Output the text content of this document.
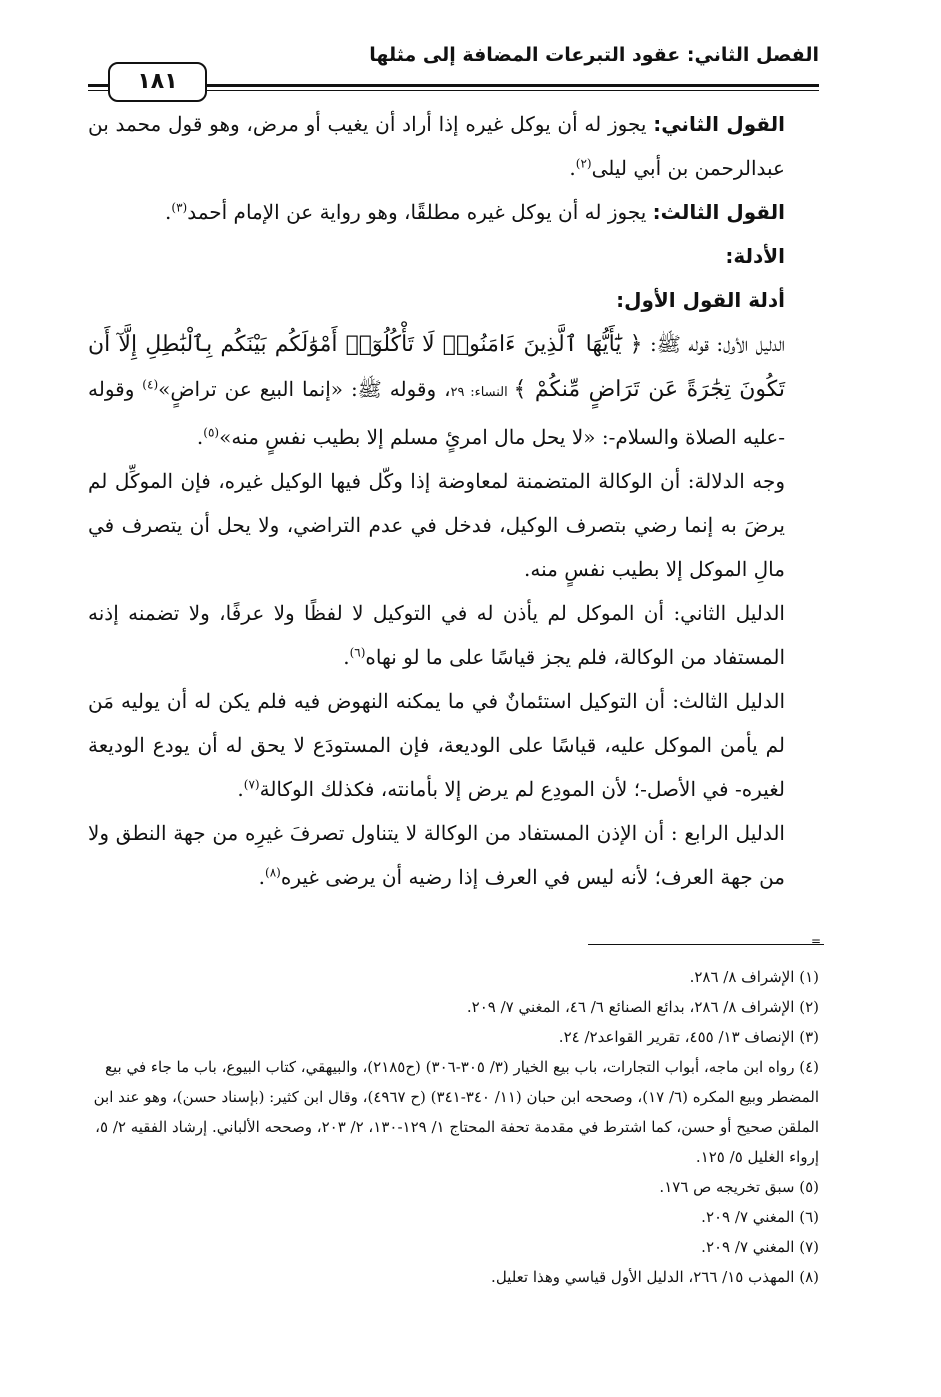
الفصل الثاني: عقود التبرعات المضافة إلى مثلها
١٨١

القول الثاني: يجوز له أن يوكل غيره إذا أراد أن يغيب أو مرض، وهو قول محمد بن عبدالرحمن بن أبي ليلى$^{(٢)}$.

القول الثالث: يجوز له أن يوكل غيره مطلقًا، وهو رواية عن الإمام أحمد$^{(٣)}$.

الأدلة:

أدلة القول الأول:

الدليل الأول: قوله ﷺ: ﴿ يَٰٓأَيُّهَا ٱلَّذِينَ ءَامَنُوا۟ لَا تَأْكُلُوٓا۟ أَمْوَٰلَكُم بَيْنَكُم بِٱلْبَٰطِلِ إِلَّآ أَن تَكُونَ تِجَٰرَةً عَن تَرَاضٍ مِّنكُمْ ﴾ النساء: ٢٩، وقوله ﷺ: «إنما البيع عن تراضٍ»$^{(٤)}$ وقوله -عليه الصلاة والسلام-: «لا يحل مال امرئٍ مسلم إلا بطيب نفسٍ منه»$^{(٥)}$.

وجه الدلالة: أن الوكالة المتضمنة لمعاوضة إذا وكّل فيها الوكيل غيره، فإن الموكِّل لم يرضَ به إنما رضي بتصرف الوكيل، فدخل في عدم التراضي، ولا يحل أن يتصرف في مالِ الموكل إلا بطيب نفسٍ منه.

الدليل الثاني: أن الموكل لم يأذن له في التوكيل لا لفظًا ولا عرفًا، ولا تضمنه إذنه المستفاد من الوكالة، فلم يجز قياسًا على ما لو نهاه$^{(٦)}$.

الدليل الثالث: أن التوكيل استئمانٌ في ما يمكنه النهوض فيه فلم يكن له أن يوليه مَن لم يأمن الموكل عليه، قياسًا على الوديعة، فإن المستودَع لا يحق له أن يودع الوديعة لغيره- في الأصل-؛ لأن المودِع لم يرض إلا بأمانته، فكذلك الوكالة$^{(٧)}$.

الدليل الرابع : أن الإذن المستفاد من الوكالة لا يتناول تصرفَ غيرِه من جهة النطق ولا من جهة العرف؛ لأنه ليس في العرف إذا رضيه أن يرضى غيره$^{(٨)}$.

=

(١) الإشراف ٨/ ٢٨٦.

(٢) الإشراف ٨/ ٢٨٦، بدائع الصنائع ٦/ ٤٦، المغني ٧/ ٢٠٩.

(٣) الإنصاف ١٣/ ٤٥٥، تقرير القواعد٢/ ٢٤.

(٤) رواه ابن ماجه، أبواب التجارات، باب بيع الخيار (٣/ ٣٠٥-٣٠٦) (ح٢١٨٥)، والبيهقي، كتاب البيوع، باب ما جاء في بيع المضطر وبيع المكره (٦/ ١٧)، وصححه ابن حبان (١١/ ٣٤٠-٣٤١) (ح ٤٩٦٧)، وقال ابن كثير: (بإسناد حسن)، وهو عند ابن الملقن صحيح أو حسن، كما اشترط في مقدمة تحفة المحتاج ١/ ١٢٩-١٣٠، ٢/ ٢٠٣، وصححه الألباني. إرشاد الفقيه ٢/ ٥، إرواء الغليل ٥/ ١٢٥.

(٥) سبق تخريجه ص ١٧٦.

(٦) المغني ٧/ ٢٠٩.

(٧) المغني ٧/ ٢٠٩.

(٨) المهذب ١٥/ ٢٦٦، الدليل الأول قياسي وهذا تعليل.
